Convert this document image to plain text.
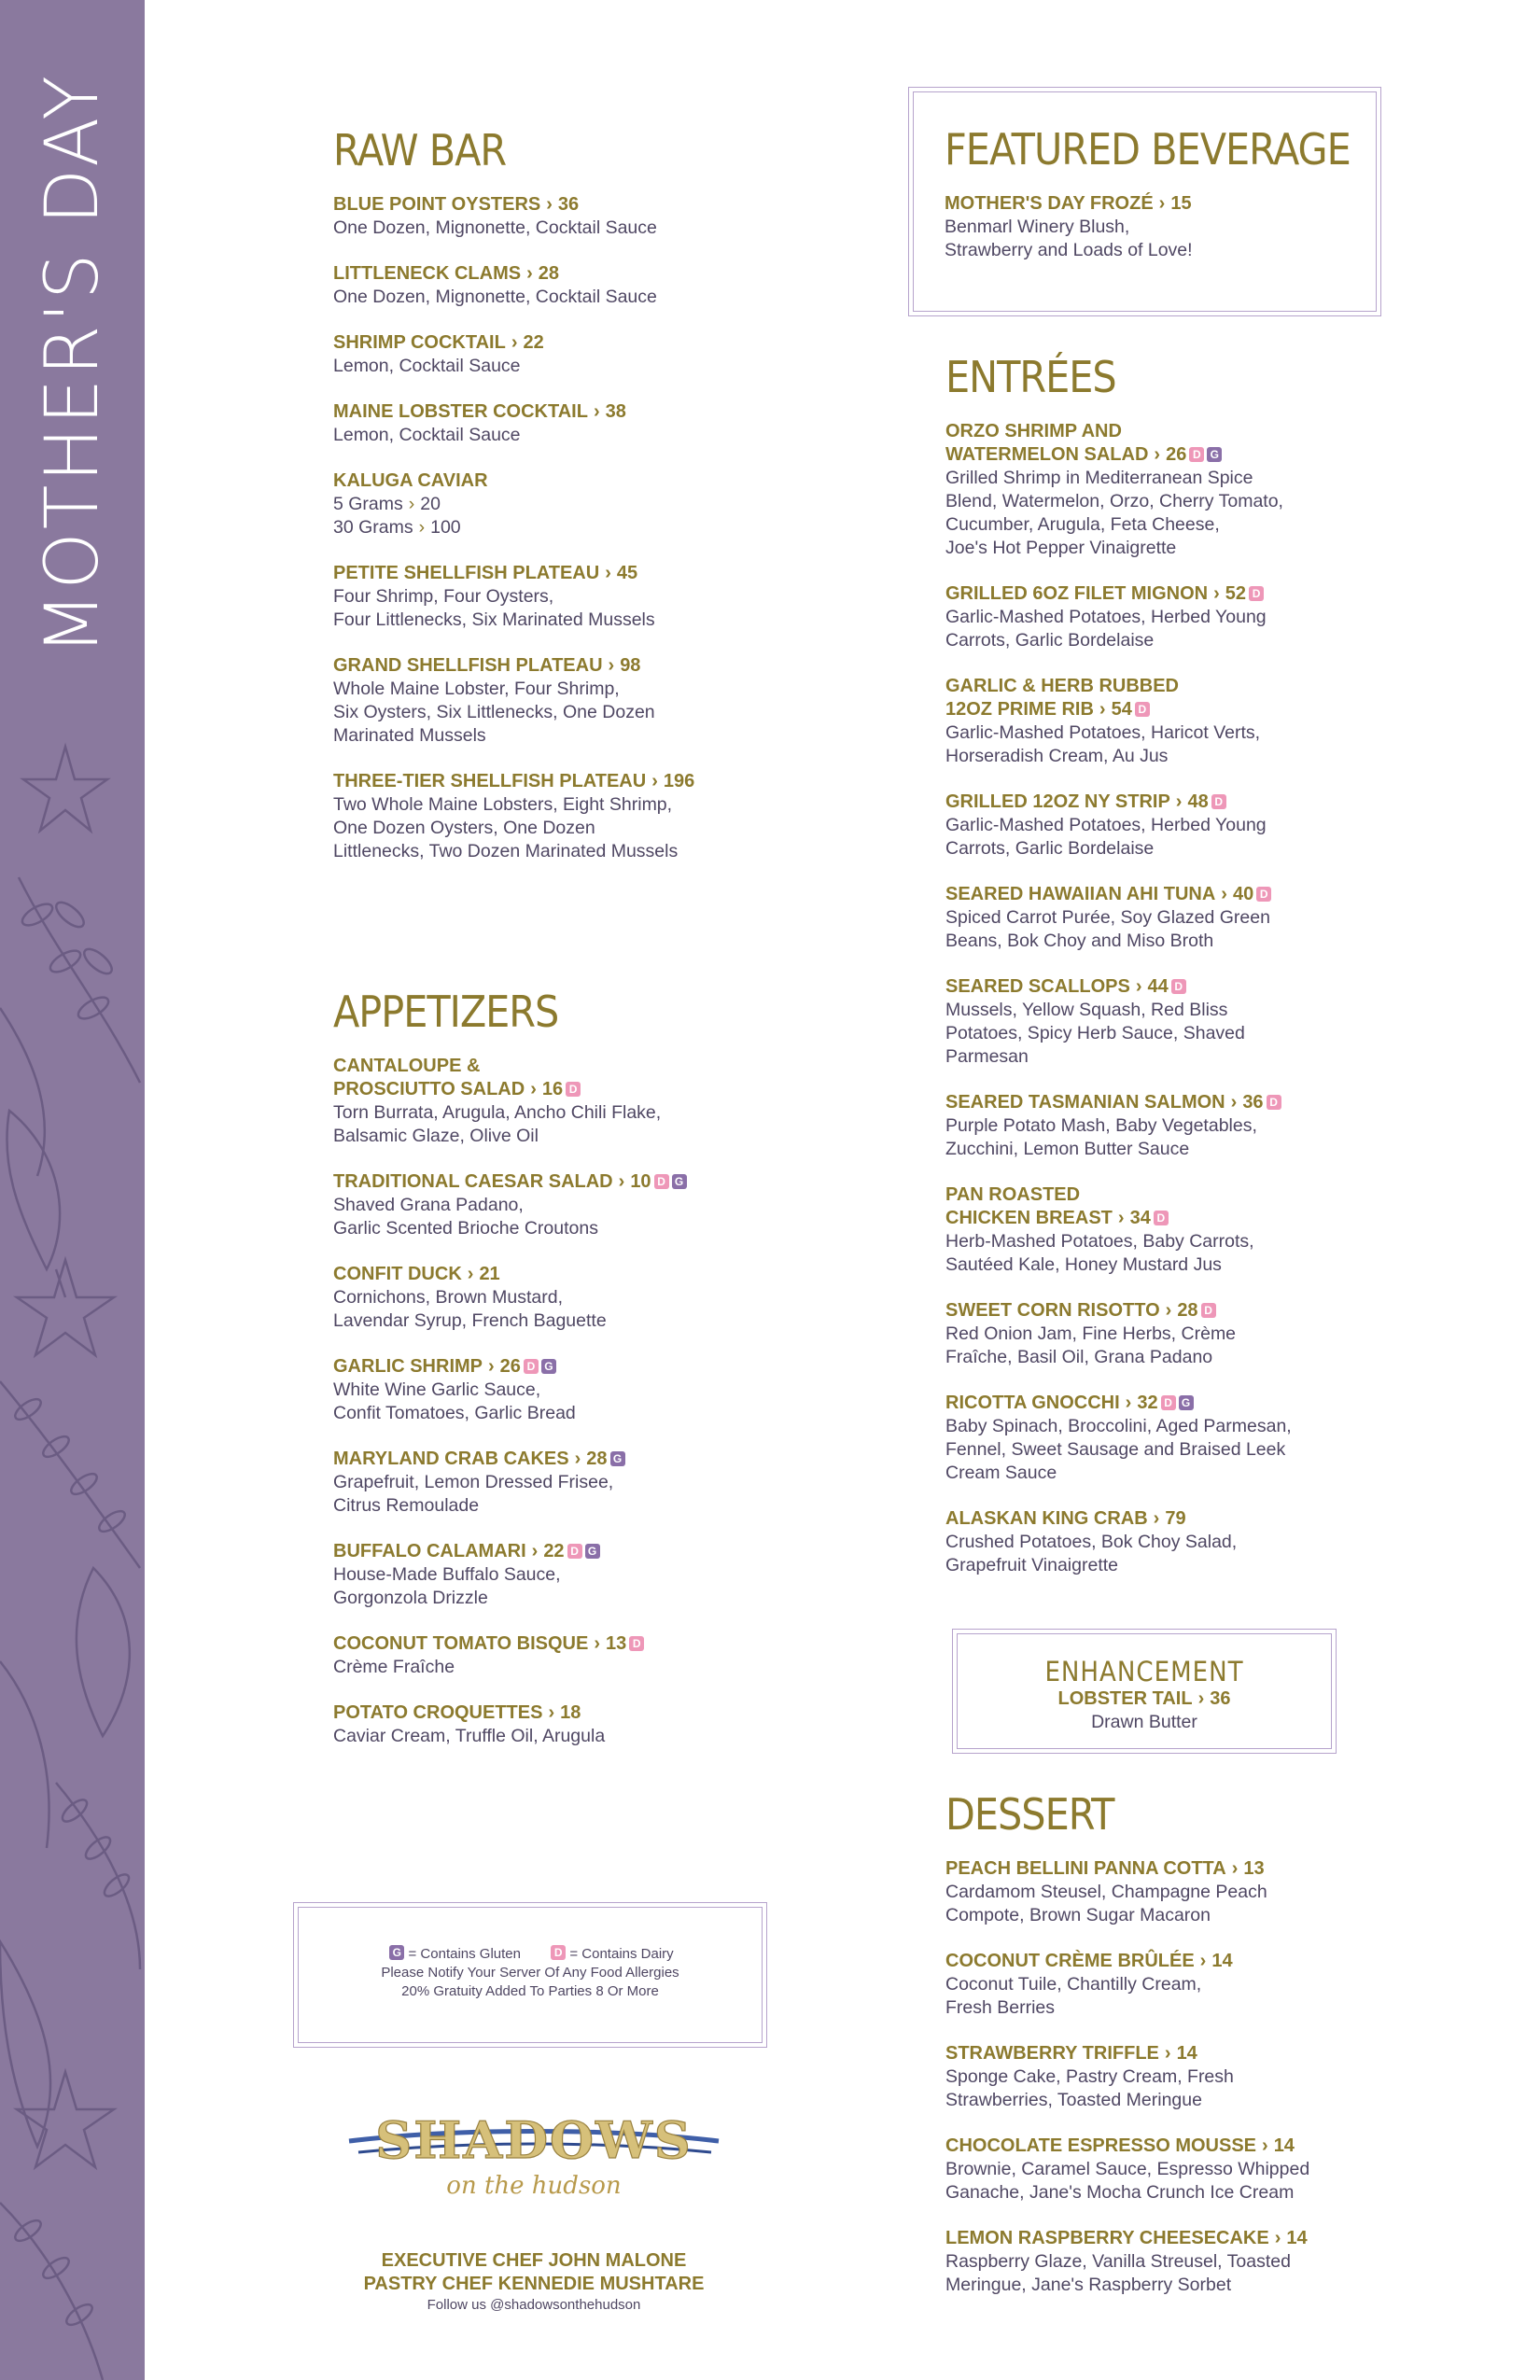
MOTHER'S DAY	RAW BAR
BLUE POINT OYSTERS › 36
One Dozen, Mignonette, Cocktail Sauce
LITTLENECK CLAMS › 28
One Dozen, Mignonette, Cocktail Sauce
SHRIMP COCKTAIL › 22
Lemon, Cocktail Sauce
MAINE LOBSTER COCKTAIL › 38
Lemon, Cocktail Sauce
KALUGA CAVIAR
5 Grams › 20
30 Grams › 100
PETITE SHELLFISH PLATEAU › 45
Four Shrimp, Four Oysters,
Four Littlenecks, Six Marinated Mussels
GRAND SHELLFISH PLATEAU › 98
Whole Maine Lobster, Four Shrimp,
Six Oysters, Six Littlenecks, One Dozen
Marinated Mussels
THREE-TIER SHELLFISH PLATEAU › 196
Two Whole Maine Lobsters, Eight Shrimp,
One Dozen Oysters, One Dozen
Littlenecks, Two Dozen Marinated Mussels
APPETIZERS
CANTALOUPE &
PROSCIUTTO SALAD › 16 D
Torn Burrata, Arugula, Ancho Chili Flake,
Balsamic Glaze, Olive Oil
TRADITIONAL CAESAR SALAD › 10 D G
Shaved Grana Padano,
Garlic Scented Brioche Croutons
CONFIT DUCK › 21
Cornichons, Brown Mustard,
Lavendar Syrup, French Baguette
GARLIC SHRIMP › 26 D G
White Wine Garlic Sauce,
Confit Tomatoes, Garlic Bread
MARYLAND CRAB CAKES › 28 G
Grapefruit, Lemon Dressed Frisee,
Citrus Remoulade
BUFFALO CALAMARI › 22 D G
House-Made Buffalo Sauce,
Gorgonzola Drizzle
COCONUT TOMATO BISQUE › 13 D
Crème Fraîche
POTATO CROQUETTES › 18
Caviar Cream, Truffle Oil, Arugula
G = Contains Gluten	D = Contains Dairy
Please Notify Your Server Of Any Food Allergies
20% Gratuity Added To Parties 8 Or More
SHADOWS
on the hudson
EXECUTIVE CHEF JOHN MALONE
PASTRY CHEF KENNEDIE MUSHTARE
Follow us @shadowsonthehudson
FEATURED BEVERAGE
MOTHER'S DAY FROZÉ › 15
Benmarl Winery Blush,
Strawberry and Loads of Love!
ENTRÉES
ORZO SHRIMP AND
WATERMELON SALAD › 26 D G
Grilled Shrimp in Mediterranean Spice
Blend, Watermelon, Orzo, Cherry Tomato,
Cucumber, Arugula, Feta Cheese,
Joe's Hot Pepper Vinaigrette
GRILLED 6OZ FILET MIGNON › 52 D
Garlic-Mashed Potatoes, Herbed Young
Carrots, Garlic Bordelaise
GARLIC & HERB RUBBED
12OZ PRIME RIB › 54 D
Garlic-Mashed Potatoes, Haricot Verts,
Horseradish Cream, Au Jus
GRILLED 12OZ NY STRIP › 48 D
Garlic-Mashed Potatoes, Herbed Young
Carrots, Garlic Bordelaise
SEARED HAWAIIAN AHI TUNA › 40 D
Spiced Carrot Purée, Soy Glazed Green
Beans, Bok Choy and Miso Broth
SEARED SCALLOPS › 44 D
Mussels, Yellow Squash, Red Bliss
Potatoes, Spicy Herb Sauce, Shaved
Parmesan
SEARED TASMANIAN SALMON › 36 D
Purple Potato Mash, Baby Vegetables,
Zucchini, Lemon Butter Sauce
PAN ROASTED
CHICKEN BREAST › 34 D
Herb-Mashed Potatoes, Baby Carrots,
Sautéed Kale, Honey Mustard Jus
SWEET CORN RISOTTO › 28 D
Red Onion Jam, Fine Herbs, Crème
Fraîche, Basil Oil, Grana Padano
RICOTTA GNOCCHI › 32 D G
Baby Spinach, Broccolini, Aged Parmesan,
Fennel, Sweet Sausage and Braised Leek
Cream Sauce
ALASKAN KING CRAB › 79
Crushed Potatoes, Bok Choy Salad,
Grapefruit Vinaigrette
DESSERT
PEACH BELLINI PANNA COTTA › 13
Cardamom Steusel, Champagne Peach
Compote, Brown Sugar Macaron
COCONUT CRÈME BRÛLÉE › 14
Coconut Tuile, Chantilly Cream,
Fresh Berries
STRAWBERRY TRIFFLE › 14
Sponge Cake, Pastry Cream, Fresh
Strawberries, Toasted Meringue
CHOCOLATE ESPRESSO MOUSSE › 14
Brownie, Caramel Sauce, Espresso Whipped
Ganache, Jane's Mocha Crunch Ice Cream
LEMON RASPBERRY CHEESECAKE › 14
Raspberry Glaze, Vanilla Streusel, Toasted
Meringue, Jane's Raspberry Sorbet
ENHANCEMENT
LOBSTER TAIL › 36
Drawn Butter
